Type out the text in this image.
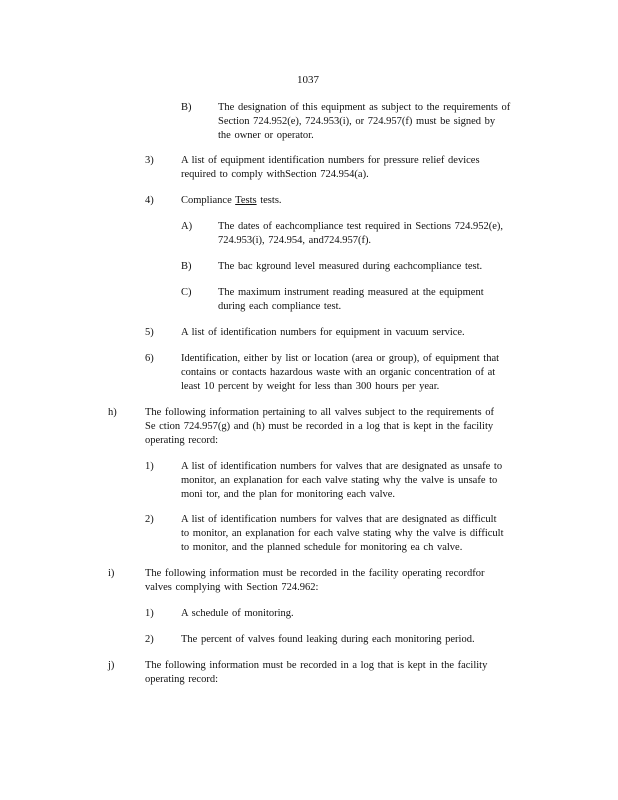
1037
B)	The designation of this equipment as subject to the requirements of
Section 724.952(e), 724.953(i), or 724.957(f) must be signed by
the owner or operator.
3)	A list of equipment identification numbers for pressure relief devices
required to comply withSection 724.954(a).
4)	Compliance Tests tests.
A) The dates of eachcompliance test required in Sections 724.952(e),
724.953(i), 724.954, and724.957(f).
B)	The bac kground level measured during eachcompliance test.
C)	The maximum instrument reading measured at the equipment
during each compliance test.
5)	A list of identification numbers for equipment in vacuum service.
6)	Identification, either by list or location (area or group), of equipment that
contains or contacts hazardous waste with an organic concentration of at
least 10 percent by weight for less than 300 hours per year.
h)	The following information pertaining to all valves subject to the requirements of
Se ction 724.957(g) and (h) must be recorded in a log that is kept in the facility
operating record:
1)	A list of identification numbers for valves that are designated as unsafe to
monitor, an explanation for each valve stating why the valve is unsafe to
moni tor, and the plan for monitoring each valve.
2)	A list of identification numbers for valves that are designated as difficult
to monitor, an explanation for each valve stating why the valve is difficult
to monitor, and the planned schedule for monitoring ea ch valve.
i)	The following information must be recorded in the facility operating recordfor
valves complying with Section 724.962:
1)	A schedule of monitoring.
2)	The percent of valves found leaking during each monitoring period.
j)	The following information must be recorded in a log that is kept in the facility
operating record:
